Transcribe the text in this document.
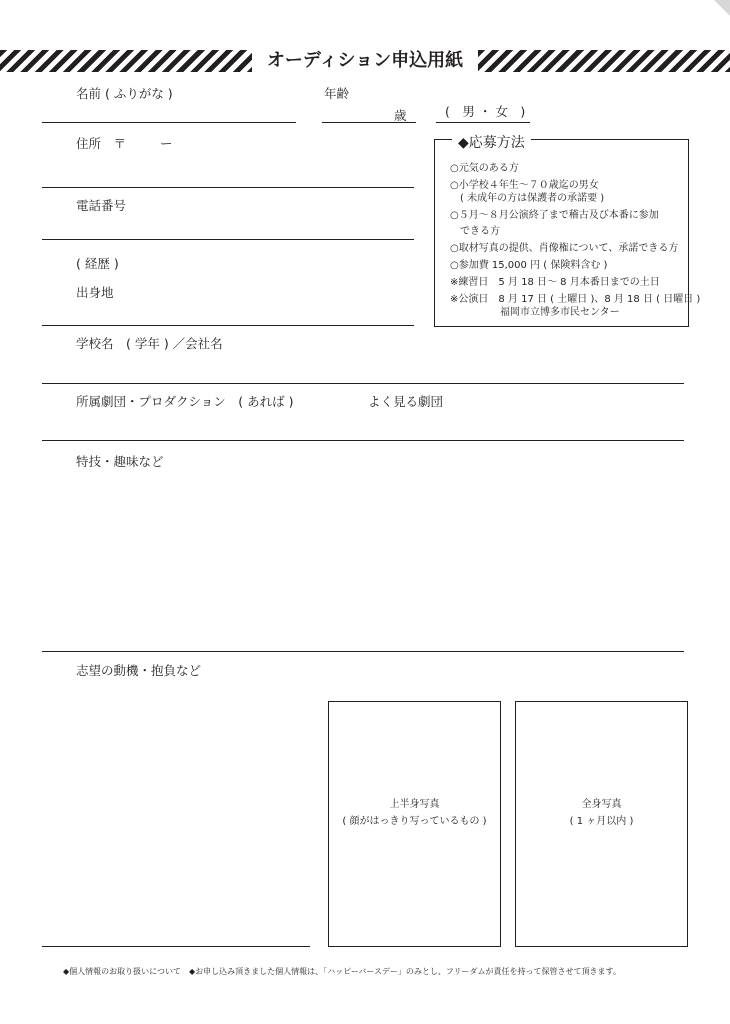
オーディション申込用紙
名前 ( ふりがな )	年齢
歳	(　男 ・ 女　)
住所　〒	ー
電話番号
( 経歴 )
出身地
◆応募方法
○元気のある方
○小学校４年生～７０歳迄の男女
　( 未成年の方は保護者の承諾要 )
○５月～８月公演終了まで稽古及び本番に参加
　できる方
○取材写真の提供、肖像権について、承諾できる方
○参加費 15,000 円 ( 保険料含む )
※練習日　5 月 18 日～ 8 月本番日までの土日
※公演日　8 月 17 日 ( 土曜日 )、8 月 18 日 ( 日曜日 )
　　　　　福岡市立博多市民センター
学校名　( 学年 ) ／会社名
所属劇団・プロダクション　( あれば )	よく見る劇団
特技・趣味など
志望の動機・抱負など
上半身写真
( 顔がはっきり写っているもの )
全身写真
( 1 ヶ月以内 )
◆個人情報のお取り扱いについて　◆お申し込み頂きました個人情報は、「ハッピーバースデー」のみとし、フリーダムが責任を持って保管させて頂きます。
